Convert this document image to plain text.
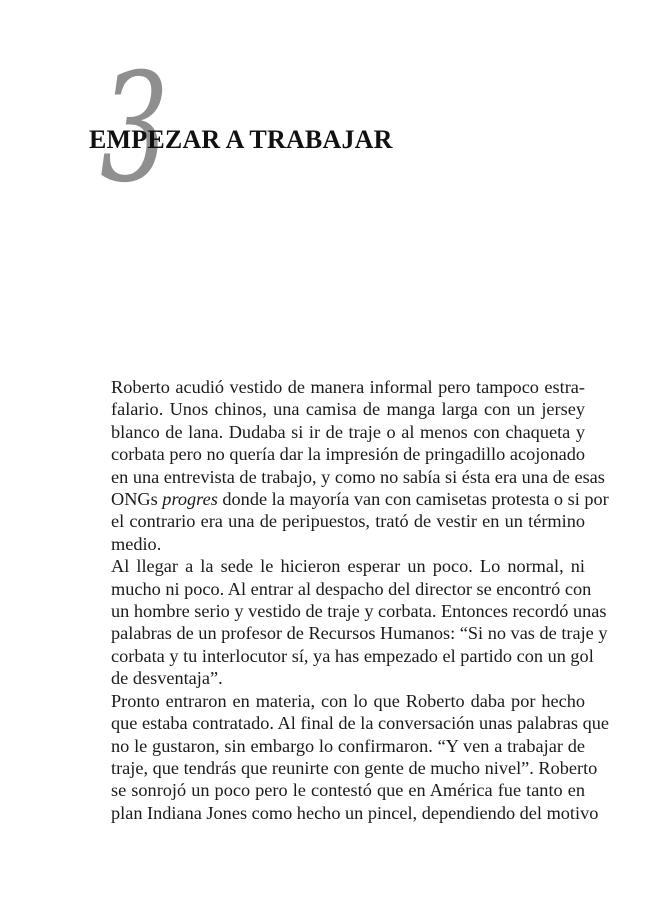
3
EMPEZAR A TRABAJAR
Roberto acudió vestido de manera informal pero tampoco estra-
falario. Unos chinos, una camisa de manga larga con un jersey
blanco de lana. Dudaba si ir de traje o al menos con chaqueta y
corbata pero no quería dar la impresión de pringadillo acojonado
en una entrevista de trabajo, y como no sabía si ésta era una de esas
ONGs progres donde la mayoría van con camisetas protesta o si por
el contrario era una de peripuestos, trató de vestir en un término
medio.
Al llegar a la sede le hicieron esperar un poco. Lo normal, ni
mucho ni poco. Al entrar al despacho del director se encontró con
un hombre serio y vestido de traje y corbata. Entonces recordó unas
palabras de un profesor de Recursos Humanos: “Si no vas de traje y
corbata y tu interlocutor sí, ya has empezado el partido con un gol
de desventaja”.
Pronto entraron en materia, con lo que Roberto daba por hecho
que estaba contratado. Al final de la conversación unas palabras que
no le gustaron, sin embargo lo confirmaron. “Y ven a trabajar de
traje, que tendrás que reunirte con gente de mucho nivel”. Roberto
se sonrojó un poco pero le contestó que en América fue tanto en
plan Indiana Jones como hecho un pincel, dependiendo del motivo
